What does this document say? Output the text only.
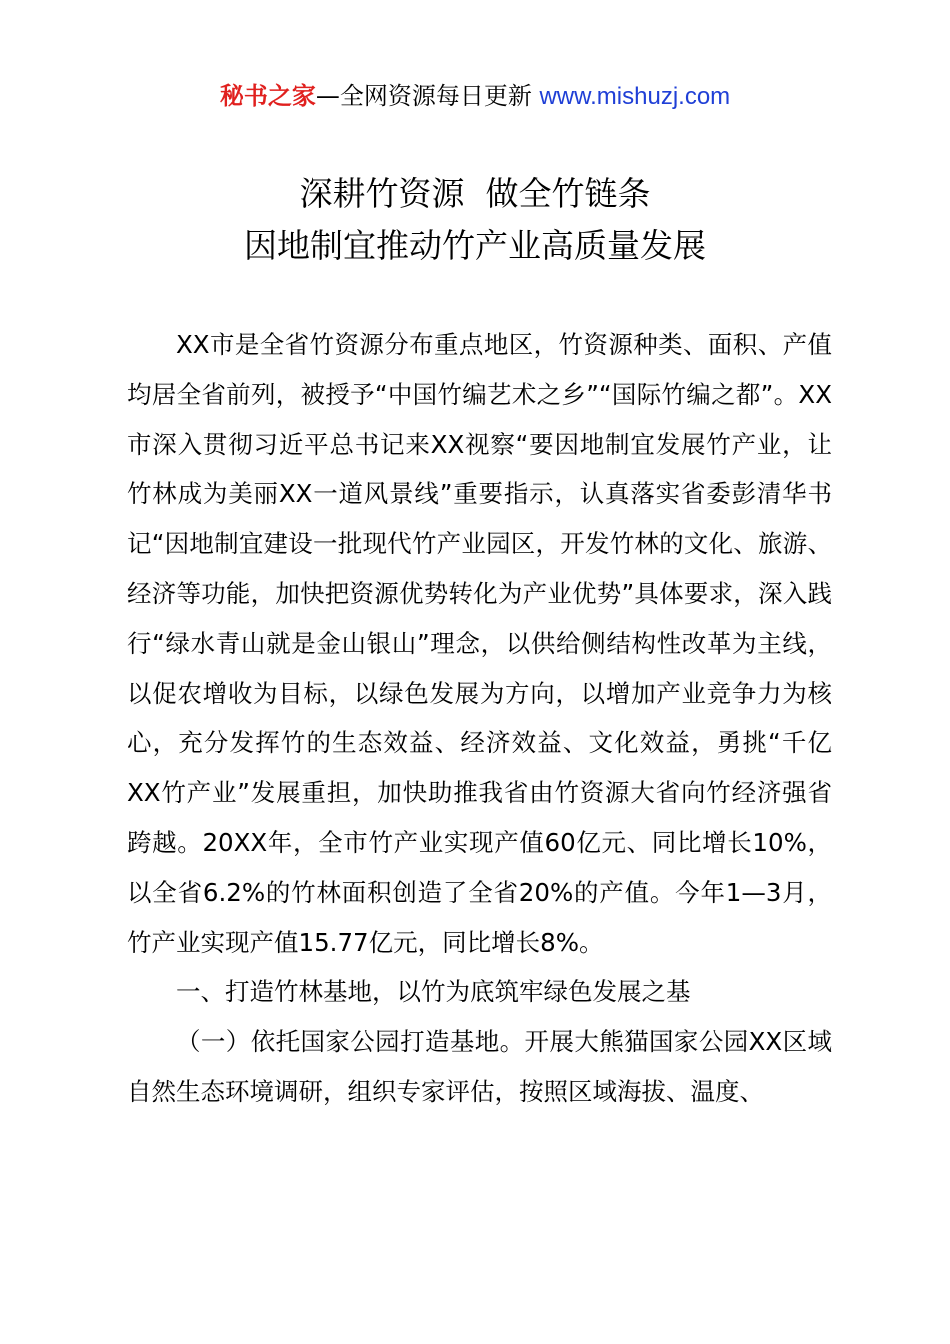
秘书之家—全网资源每日更新 www.mishuzj.com
深耕竹资源  做全竹链条
因地制宜推动竹产业高质量发展

XX市是全省竹资源分布重点地区，竹资源种类、面积、产值均居全省前列，被授予“中国竹编艺术之乡”“国际竹编之都”。XX市深入贯彻习近平总书记来XX视察“要因地制宜发展竹产业，让竹林成为美丽XX一道风景线”重要指示，认真落实省委彭清华书记“因地制宜建设一批现代竹产业园区，开发竹林的文化、旅游、经济等功能，加快把资源优势转化为产业优势”具体要求，深入践行“绿水青山就是金山银山”理念，以供给侧结构性改革为主线，以促农增收为目标，以绿色发展为方向，以增加产业竞争力为核心，充分发挥竹的生态效益、经济效益、文化效益，勇挑“千亿XX竹产业”发展重担，加快助推我省由竹资源大省向竹经济强省跨越。20XX年，全市竹产业实现产值60亿元、同比增长10%，以全省6.2%的竹林面积创造了全省20%的产值。今年1—3月，竹产业实现产值15.77亿元，同比增长8%。

一、打造竹林基地，以竹为底筑牢绿色发展之基

（一）依托国家公园打造基地。开展大熊猫国家公园XX区域自然生态环境调研，组织专家评估，按照区域海拔、温度、
